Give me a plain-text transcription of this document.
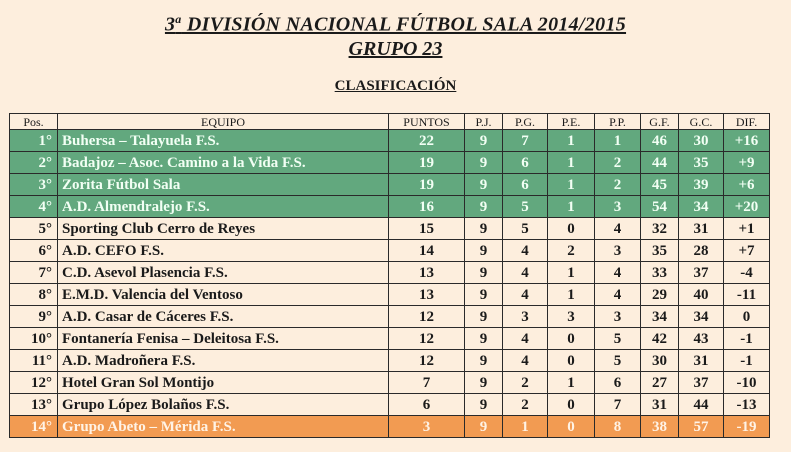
3$^a$ DIVISIÓN NACIONAL FÚTBOL SALA 2014/2015
GRUPO 23
CLASIFICACIÓN
Pos.	EQUIPO	PUNTOS	P.J.	P.G.	P.E.	P.P.	G.F.	G.C.	DIF.
1°	Buhersa – Talayuela F.S.	22	9	7	1	1	46	30	+16
2°	Badajoz – Asoc. Camino a la Vida F.S.	19	9	6	1	2	44	35	+9
3°	Zorita Fútbol Sala	19	9	6	1	2	45	39	+6
4°	A.D. Almendralejo F.S.	16	9	5	1	3	54	34	+20
5°	Sporting Club Cerro de Reyes	15	9	5	0	4	32	31	+1
6°	A.D. CEFO F.S.	14	9	4	2	3	35	28	+7
7°	C.D. Asevol Plasencia F.S.	13	9	4	1	4	33	37	-4
8°	E.M.D. Valencia del Ventoso	13	9	4	1	4	29	40	-11
9°	A.D. Casar de Cáceres F.S.	12	9	3	3	3	34	34	0
10°	Fontanería Fenisa – Deleitosa F.S.	12	9	4	0	5	42	43	-1
11°	A.D. Madroñera F.S.	12	9	4	0	5	30	31	-1
12°	Hotel Gran Sol Montijo	7	9	2	1	6	27	37	-10
13°	Grupo López Bolaños F.S.	6	9	2	0	7	31	44	-13
14°	Grupo Abeto – Mérida F.S.	3	9	1	0	8	38	57	-19
